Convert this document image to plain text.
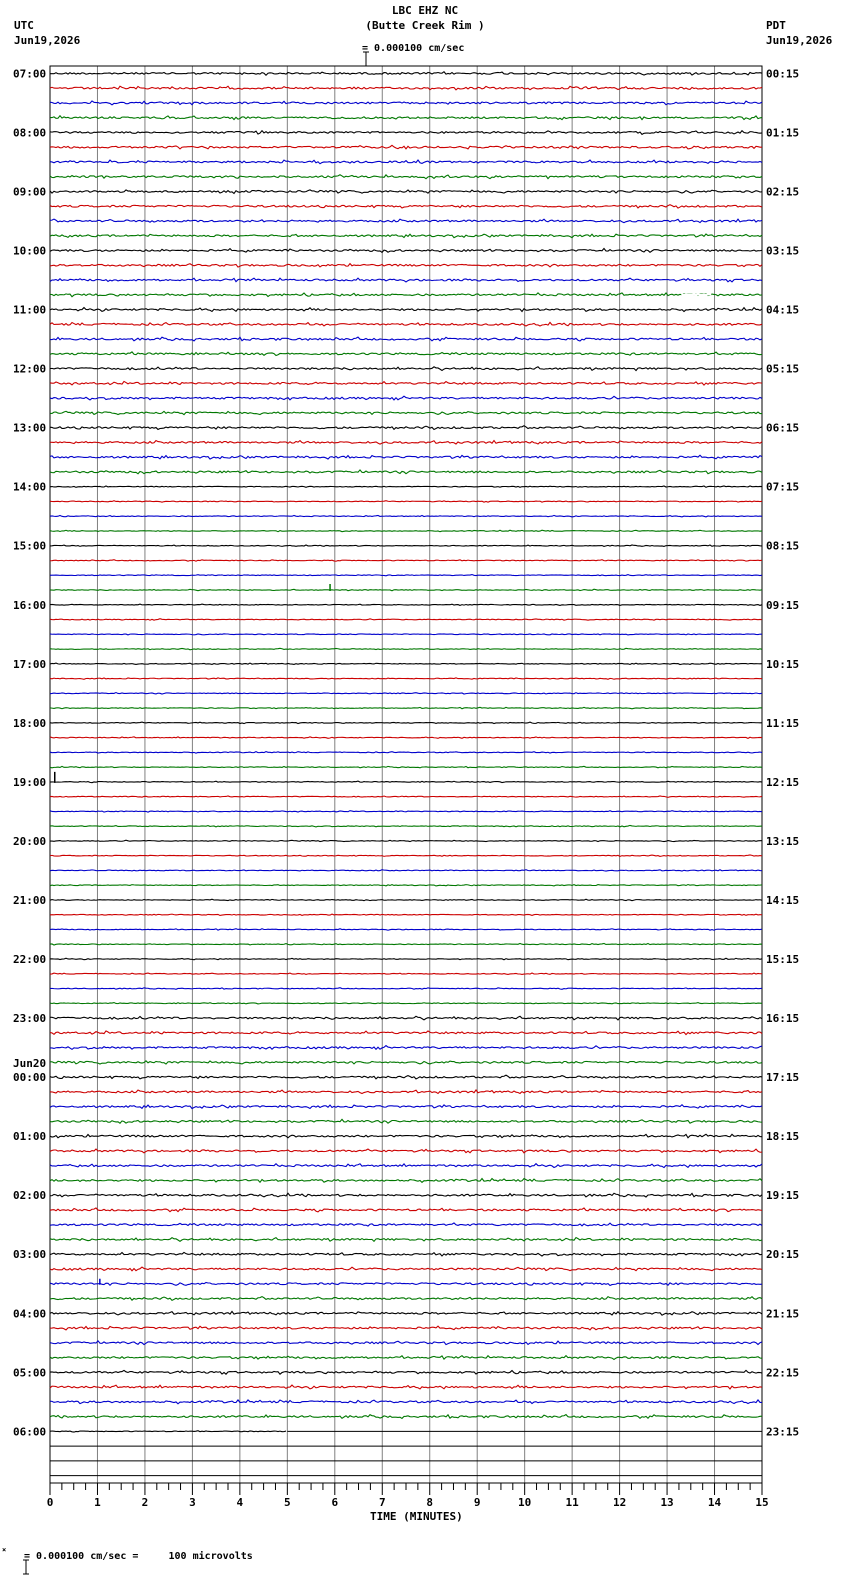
LBC EHZ NC
(Butte Creek Rim )

= 0.000100 cm/sec
UTC
Jun19,2026
PDT
Jun19,2026
07:00
08:00
09:00
10:00
11:00
12:00
13:00
14:00
15:00
16:00
17:00
18:00
19:00
20:00
21:00
22:00
23:00
00:00
01:00
02:00
03:00
04:00
05:00
06:00
00:15
01:15
02:15
03:15
04:15
05:15
06:15
07:15
08:15
09:15
10:15
11:15
12:15
13:15
14:15
15:15
16:15
17:15
18:15
19:15
20:15
21:15
22:15
23:15
Jun20
0	1	2	3	4	5	6	7	8	9	10	11	12	13	14	15
TIME (MINUTES)
×

= 0.000100 cm/sec =     100 microvolts
